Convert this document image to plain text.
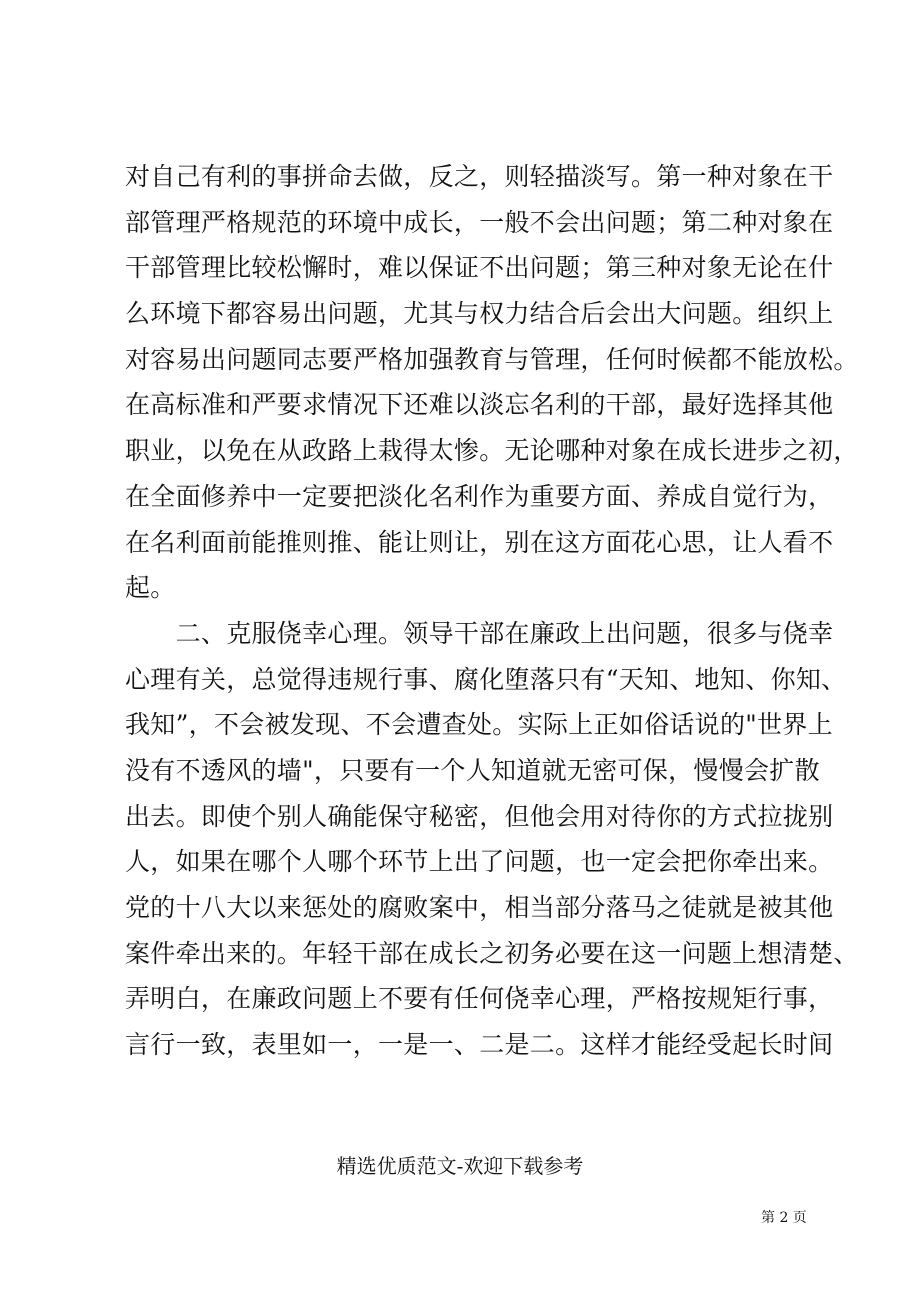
对自己有利的事拼命去做，反之，则轻描淡写。第一种对象在干
部管理严格规范的环境中成长，一般不会出问题；第二种对象在
干部管理比较松懈时，难以保证不出问题；第三种对象无论在什
么环境下都容易出问题，尤其与权力结合后会出大问题。组织上
对容易出问题同志要严格加强教育与管理，任何时候都不能放松。
在高标准和严要求情况下还难以淡忘名利的干部，最好选择其他
职业，以免在从政路上栽得太惨。无论哪种对象在成长进步之初，
在全面修养中一定要把淡化名利作为重要方面、养成自觉行为，
在名利面前能推则推、能让则让，别在这方面花心思，让人看不
起。
　　二、克服侥幸心理。领导干部在廉政上出问题，很多与侥幸
心理有关，总觉得违规行事、腐化堕落只有“天知、地知、你知、
我知”，不会被发现、不会遭查处。实际上正如俗话说的"世界上
没有不透风的墙"，只要有一个人知道就无密可保，慢慢会扩散
出去。即使个别人确能保守秘密，但他会用对待你的方式拉拢别
人，如果在哪个人哪个环节上出了问题，也一定会把你牵出来。
党的十八大以来惩处的腐败案中，相当部分落马之徒就是被其他
案件牵出来的。年轻干部在成长之初务必要在这一问题上想清楚、
弄明白，在廉政问题上不要有任何侥幸心理，严格按规矩行事，
言行一致，表里如一，一是一、二是二。这样才能经受起长时间
精选优质范文-欢迎下载参考
第 2 页
